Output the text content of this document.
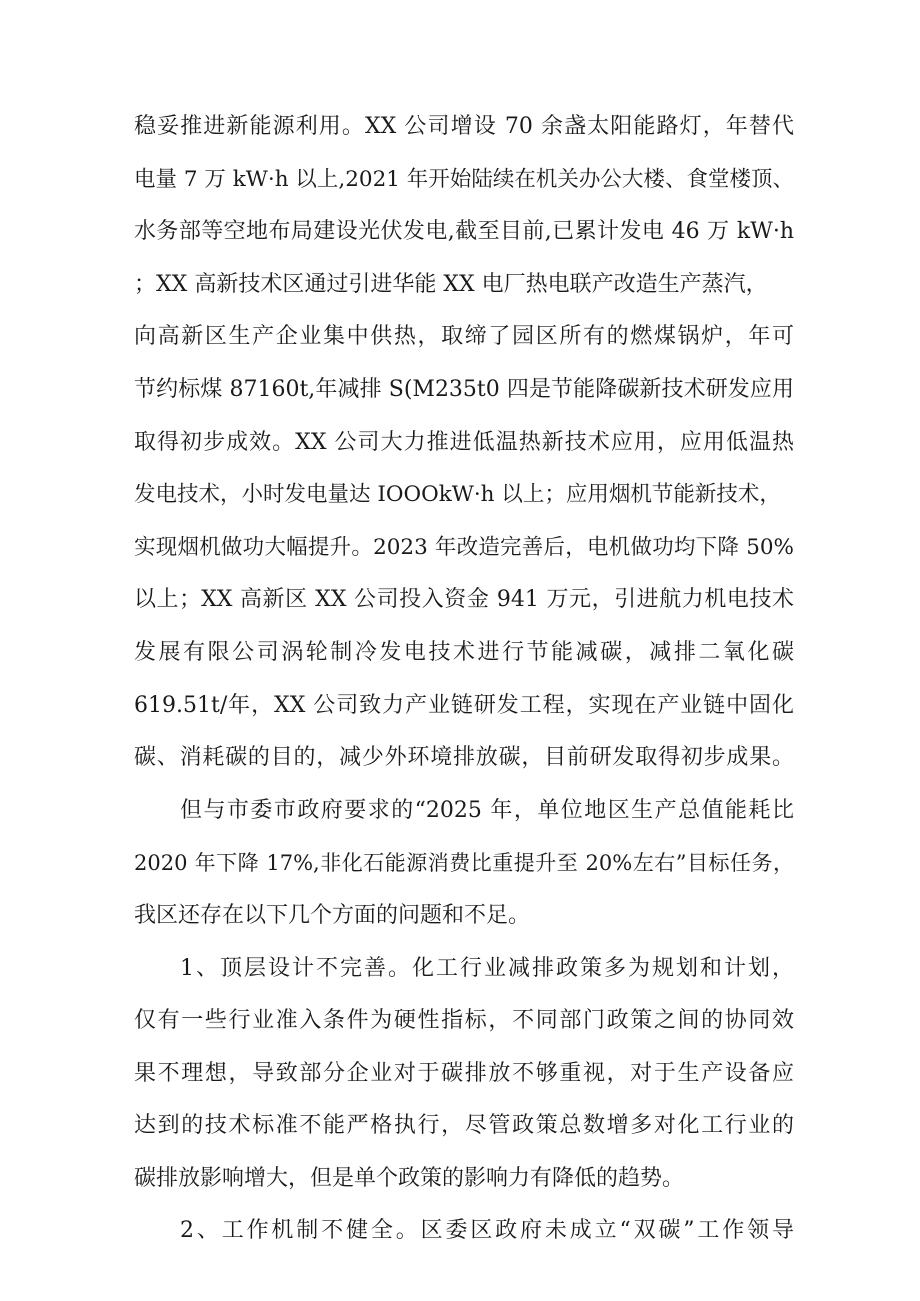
稳妥推进新能源利用。XX 公司增设 70 余盏太阳能路灯，年替代

电量 7 万 kW·h 以上,2021 年开始陆续在机关办公大楼、食堂楼顶、

水务部等空地布局建设光伏发电,截至目前,已累计发电 46 万 kW·h

；XX 高新技术区通过引进华能 XX 电厂热电联产改造生产蒸汽，

向高新区生产企业集中供热，取缔了园区所有的燃煤锅炉，年可

节约标煤 87160t,年减排 S(M235t0 四是节能降碳新技术研发应用

取得初步成效。XX 公司大力推进低温热新技术应用，应用低温热

发电技术，小时发电量达 IOOOkW·h 以上；应用烟机节能新技术，

实现烟机做功大幅提升。2023 年改造完善后，电机做功均下降 50%

以上；XX 高新区 XX 公司投入资金 941 万元，引进航力机电技术

发展有限公司涡轮制冷发电技术进行节能减碳，减排二氧化碳

619.51t/年，XX 公司致力产业链研发工程，实现在产业链中固化

碳、消耗碳的目的，减少外环境排放碳，目前研发取得初步成果。

但与市委市政府要求的“2025 年，单位地区生产总值能耗比

2020 年下降 17%,非化石能源消费比重提升至 20%左右”目标任务，

我区还存在以下几个方面的问题和不足。

1、顶层设计不完善。化工行业减排政策多为规划和计划，

仅有一些行业准入条件为硬性指标，不同部门政策之间的协同效

果不理想，导致部分企业对于碳排放不够重视，对于生产设备应

达到的技术标准不能严格执行，尽管政策总数增多对化工行业的

碳排放影响增大，但是单个政策的影响力有降低的趋势。

2、工作机制不健全。区委区政府未成立“双碳”工作领导
